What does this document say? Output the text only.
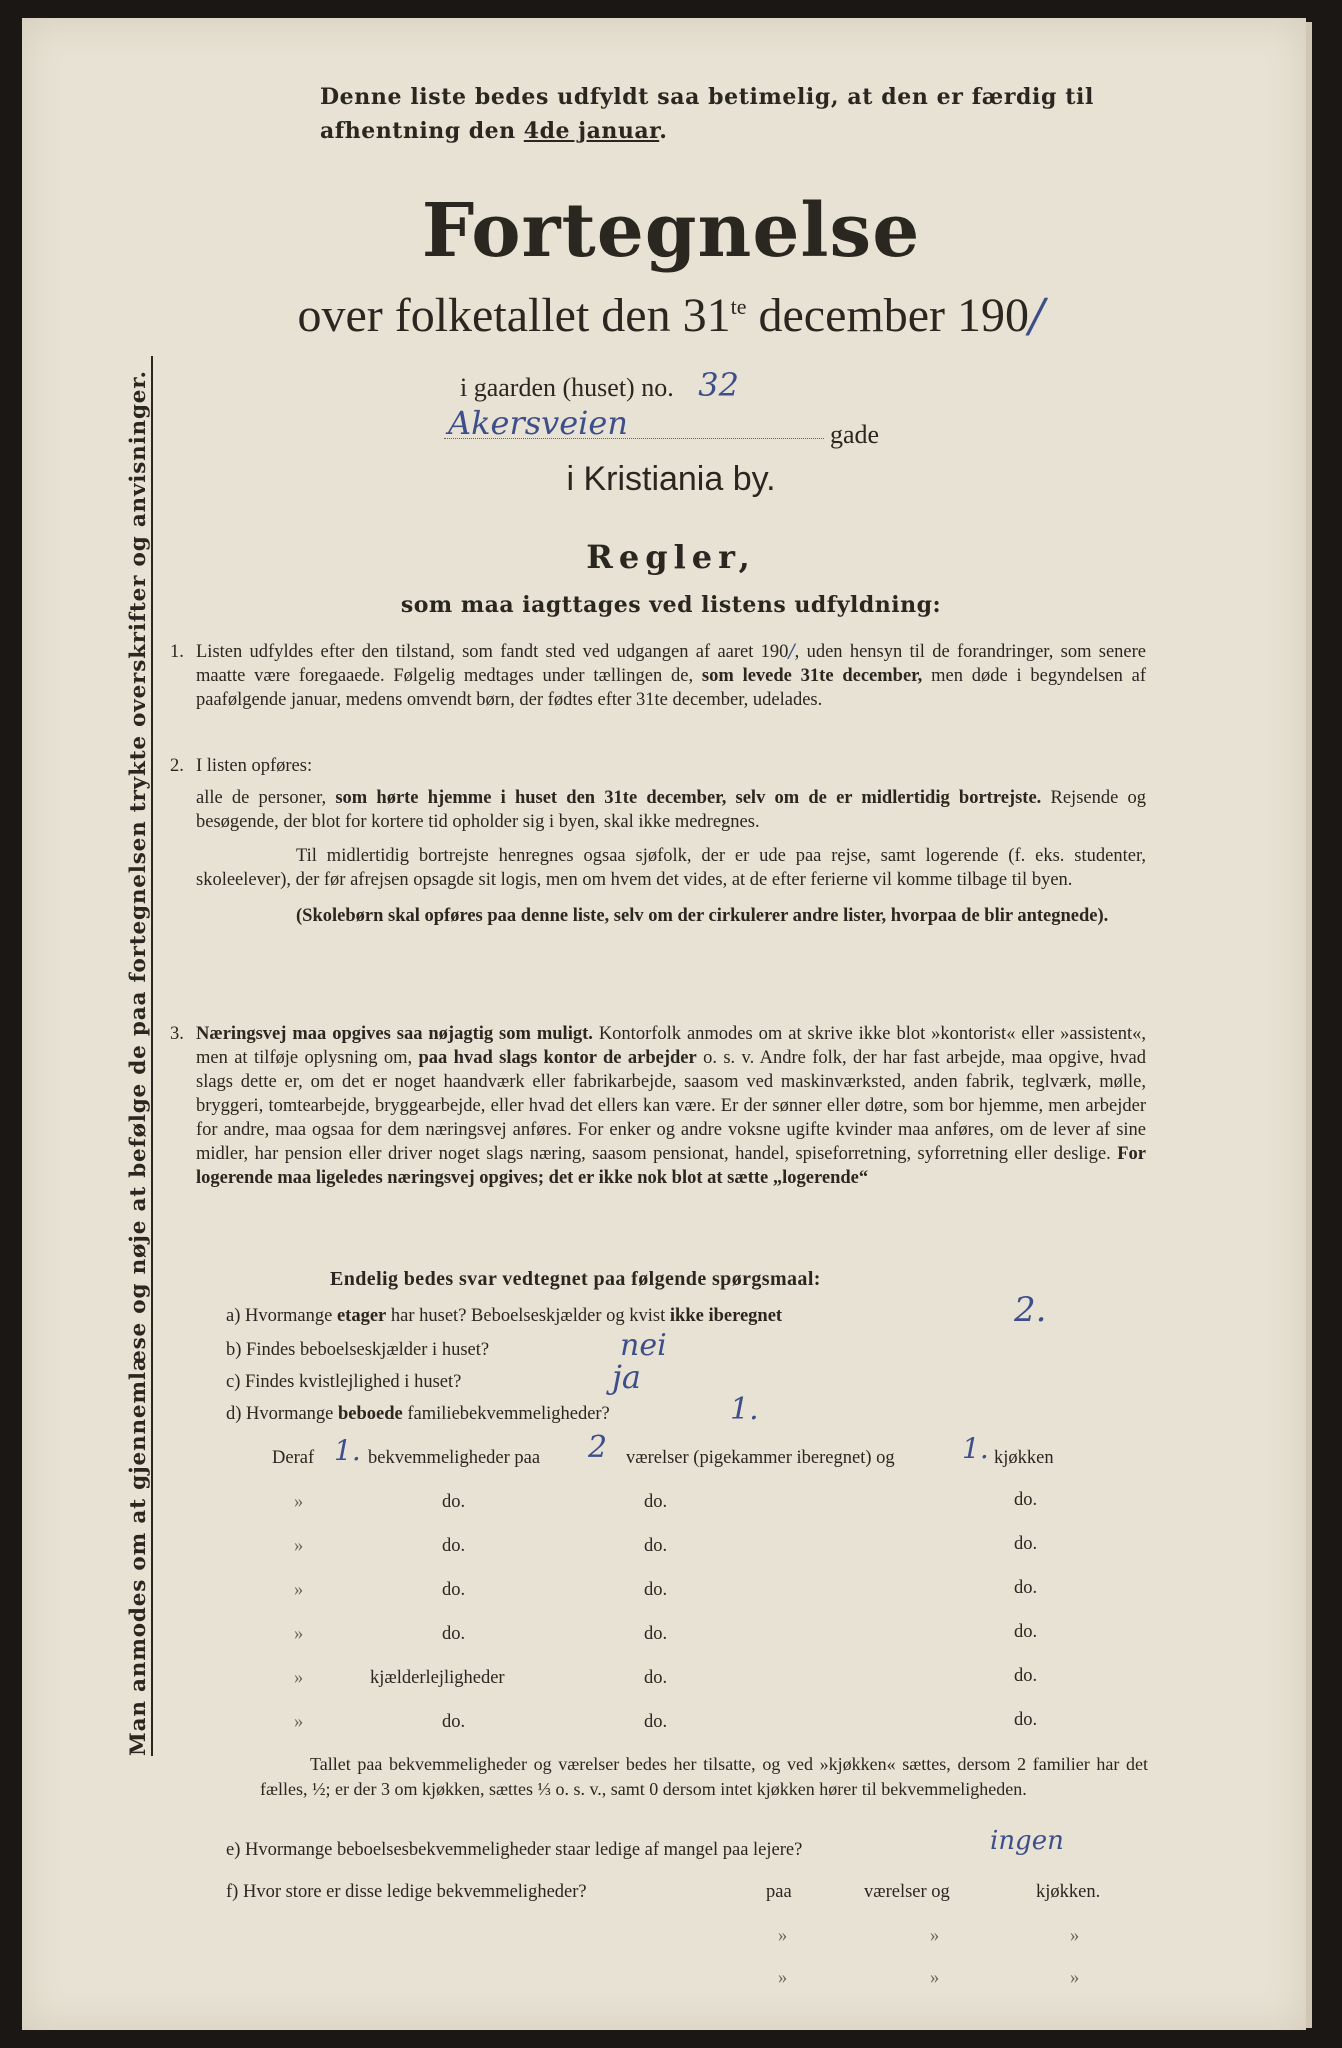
Denne liste bedes udfyldt saa betimelig, at den er færdig til
afhentning den 4de januar.
Fortegnelse
over folketallet den $31^{te}$ december 190/
i gaarden (huset) no. 32
Akersveien	gade
i Kristiania by.
Regler,
som maa iagttages ved listens udfyldning:
1. Listen udfyldes efter den tilstand, som fandt sted ved udgangen af aaret 190/, uden hensyn til de forandringer, som senere maatte være foregaaede. Følgelig medtages under tællingen de, som levede 31te december, men døde i begyndelsen af paafølgende januar, medens omvendt børn, der fødtes efter 31te december, udelades.
2. I listen opføres:
alle de personer, som hørte hjemme i huset den 31te december, selv om de er midlertidig bortrejste. Rejsende og besøgende, der blot for kortere tid opholder sig i byen, skal ikke medregnes.
Til midlertidig bortrejste henregnes ogsaa sjøfolk, der er ude paa rejse, samt logerende (f. eks. studenter, skoleelever), der før afrejsen opsagde sit logis, men om hvem det vides, at de efter ferierne vil komme tilbage til byen.
(Skolebørn skal opføres paa denne liste, selv om der cirkulerer andre lister, hvorpaa de blir antegnede).
3. Næringsvej maa opgives saa nøjagtig som muligt. Kontorfolk anmodes om at skrive ikke blot »kontorist« eller »assistent«, men at tilføje oplysning om, paa hvad slags kontor de arbejder o. s. v. Andre folk, der har fast arbejde, maa opgive, hvad slags dette er, om det er noget haandværk eller fabrikarbejde, saasom ved maskinværksted, anden fabrik, teglværk, mølle, bryggeri, tomtearbejde, bryggearbejde, eller hvad det ellers kan være. Er der sønner eller døtre, som bor hjemme, men arbejder for andre, maa ogsaa for dem næringsvej anføres. For enker og andre voksne ugifte kvinder maa anføres, om de lever af sine midler, har pension eller driver noget slags næring, saasom pensionat, handel, spiseforretning, syforretning eller deslige. For logerende maa ligeledes næringsvej opgives; det er ikke nok blot at sætte „logerende“
Endelig bedes svar vedtegnet paa følgende spørgsmaal:
a) Hvormange etager har huset? Beboelseskjælder og kvist ikke iberegnet	2.
b) Findes beboelseskjælder i huset?	nei
c) Findes kvistlejlighed i huset?	ja
d) Hvormange beboede familiebekvemmeligheder?	1.
Deraf 1. bekvemmeligheder paa 2 værelser (pigekammer iberegnet) og 1. kjøkken
»	do.	do.	do.
»	do.	do.	do.
»	do.	do.	do.
»	do.	do.	do.
»	kjælderlejligheder	do.	do.
»	do.	do.	do.
Tallet paa bekvemmeligheder og værelser bedes her tilsatte, og ved »kjøkken« sættes, dersom 2 familier har det fælles, ½; er der 3 om kjøkken, sættes ⅓ o. s. v., samt 0 dersom intet kjøkken hører til bekvemmeligheden.
e) Hvormange beboelsesbekvemmeligheder staar ledige af mangel paa lejere?	ingen
f) Hvor store er disse ledige bekvemmeligheder?	paa	værelser og	kjøkken.
»	»	»
»	»	»
Man anmodes om at gjennemlæse og nøje at befølge de paa fortegnelsen trykte overskrifter og anvisninger.
